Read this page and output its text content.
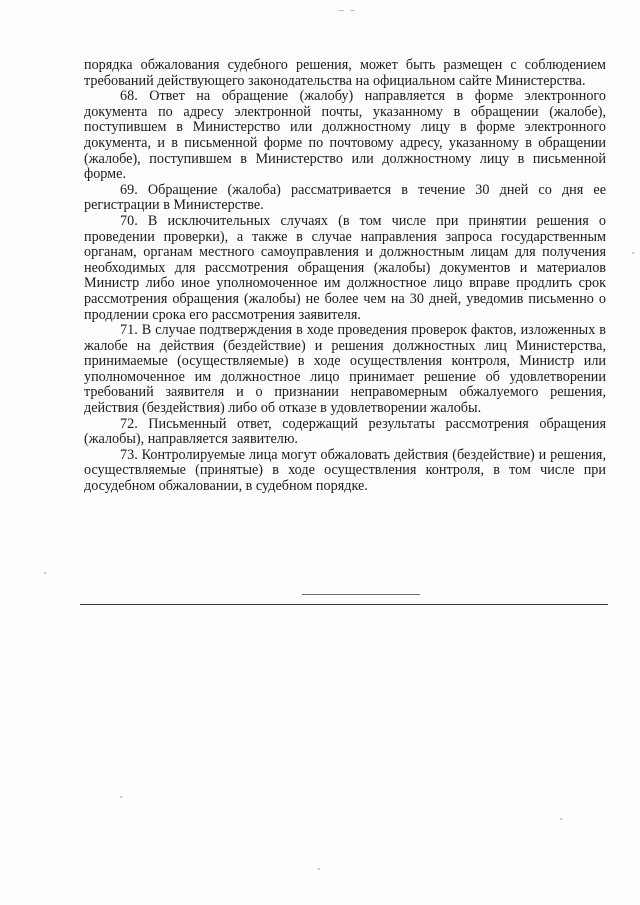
~ ~

порядка обжалования судебного решения, может быть размещен с соблюдением требований действующего законодательства на официальном сайте Министерства.

68. Ответ на обращение (жалобу) направляется в форме электронного документа по адресу электронной почты, указанному в обращении (жалобе), поступившем в Министерство или должностному лицу в форме электронного документа, и в письменной форме по почтовому адресу, указанному в обращении (жалобе), поступившем в Министерство или должностному лицу в письменной форме.

69. Обращение (жалоба) рассматривается в течение 30 дней со дня ее регистрации в Министерстве.

70. В исключительных случаях (в том числе при принятии решения о проведении проверки), а также в случае направления запроса государственным органам, органам местного самоуправления и должностным лицам для получения необходимых для рассмотрения обращения (жалобы) документов и материалов Министр либо иное уполномоченное им должностное лицо вправе продлить срок рассмотрения обращения (жалобы) не более чем на 30 дней, уведомив письменно о продлении срока его рассмотрения заявителя.

71. В случае подтверждения в ходе проведения проверок фактов, изложенных в жалобе на действия (бездействие) и решения должностных лиц Министерства, принимаемые (осуществляемые) в ходе осуществления контроля, Министр или уполномоченное им должностное лицо принимает решение об удовлетворении требований заявителя и о признании неправомерным обжалуемого решения, действия (бездействия) либо об отказе в удовлетворении жалобы.

72. Письменный ответ, содержащий результаты рассмотрения обращения (жалобы), направляется заявителю.

73. Контролируемые лица могут обжаловать действия (бездействие) и решения, осуществляемые (принятые) в ходе осуществления контроля, в том числе при досудебном обжаловании, в судебном порядке.
